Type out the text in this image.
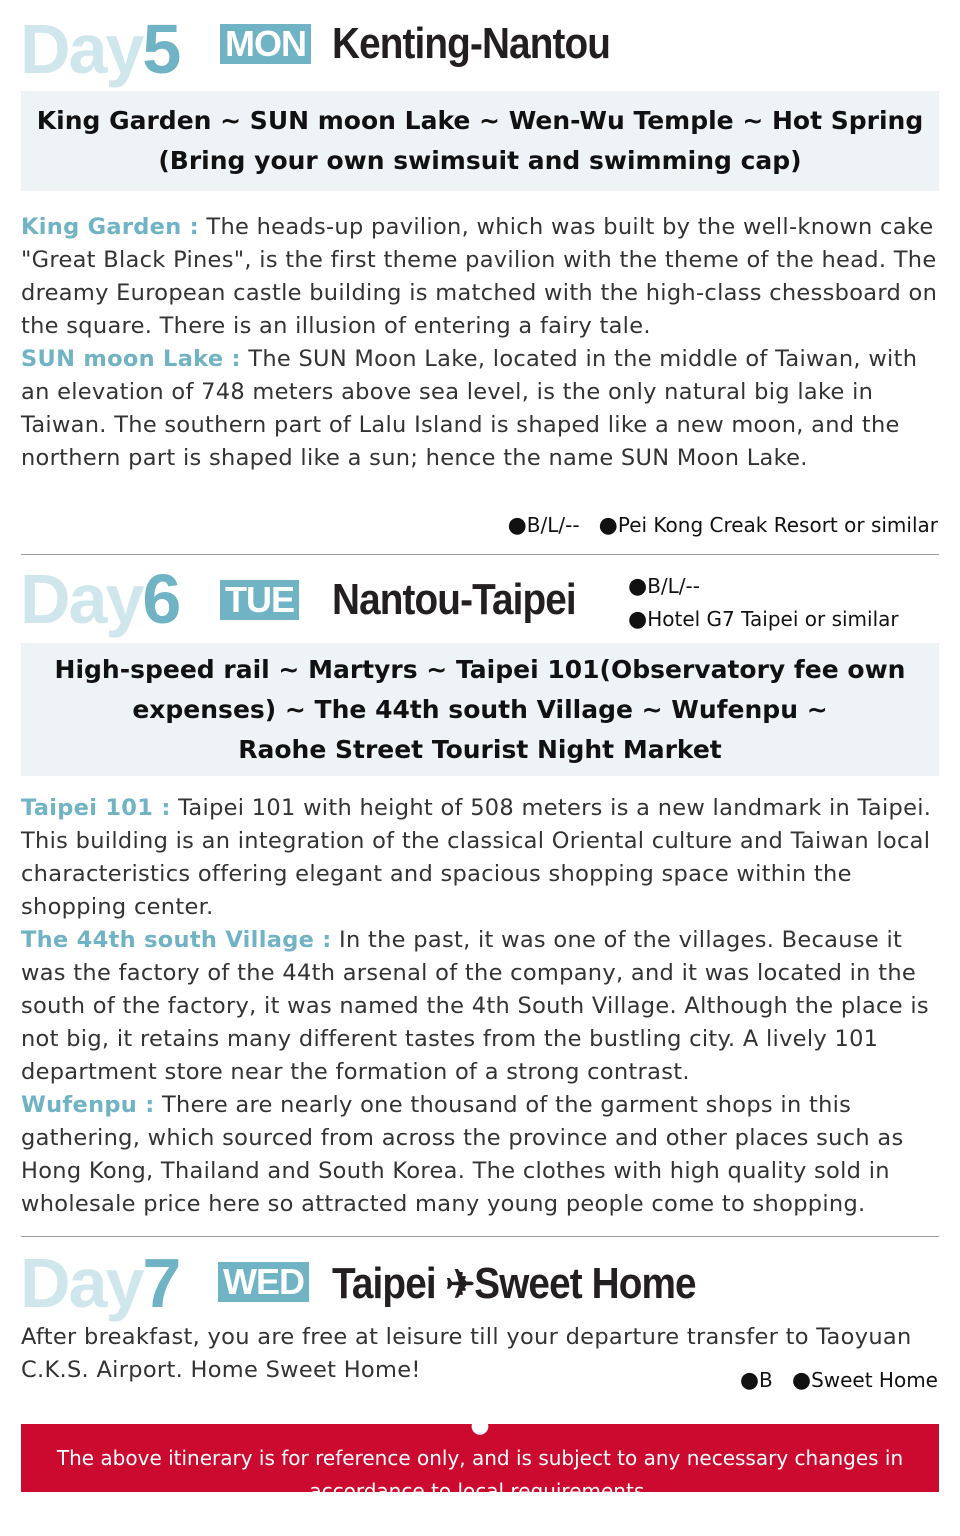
Day5 MON Kenting-Nantou
King Garden ~ SUN moon Lake ~ Wen-Wu Temple ~ Hot Spring
(Bring your own swimsuit and swimming cap)

King Garden : The heads-up pavilion, which was built by the well-known cake "Great Black Pines", is the first theme pavilion with the theme of the head. The dreamy European castle building is matched with the high-class chessboard on the square. There is an illusion of entering a fairy tale.

SUN moon Lake : The SUN Moon Lake, located in the middle of Taiwan, with an elevation of 748 meters above sea level, is the only natural big lake in Taiwan. The southern part of Lalu Island is shaped like a new moon, and the northern part is shaped like a sun; hence the name SUN Moon Lake.

●B/L/-- ●Pei Kong Creak Resort or similar
Day6 TUE Nantou-Taipei ●B/L/--
●Hotel G7 Taipei or similar
High-speed rail ~ Martyrs ~ Taipei 101(Observatory fee own
expenses) ~ The 44th south Village ~ Wufenpu ~
Raohe Street Tourist Night Market

Taipei 101 : Taipei 101 with height of 508 meters is a new landmark in Taipei. This building is an integration of the classical Oriental culture and Taiwan local characteristics offering elegant and spacious shopping space within the shopping center.

The 44th south Village : In the past, it was one of the villages. Because it was the factory of the 44th arsenal of the company, and it was located in the south of the factory, it was named the 4th South Village. Although the place is not big, it retains many different tastes from the bustling city. A lively 101 department store near the formation of a strong contrast.

Wufenpu : There are nearly one thousand of the garment shops in this gathering, which sourced from across the province and other places such as Hong Kong, Thailand and South Korea. The clothes with high quality sold in wholesale price here so attracted many young people come to shopping.

Day7 WED Taipei ✈Sweet Home

After breakfast, you are free at leisure till your departure transfer to Taoyuan C.K.S. Airport. Home Sweet Home!	●B ●Sweet Home
●
The above itinerary is for reference only, and is subject to any necessary changes in accordance to local requirements.
